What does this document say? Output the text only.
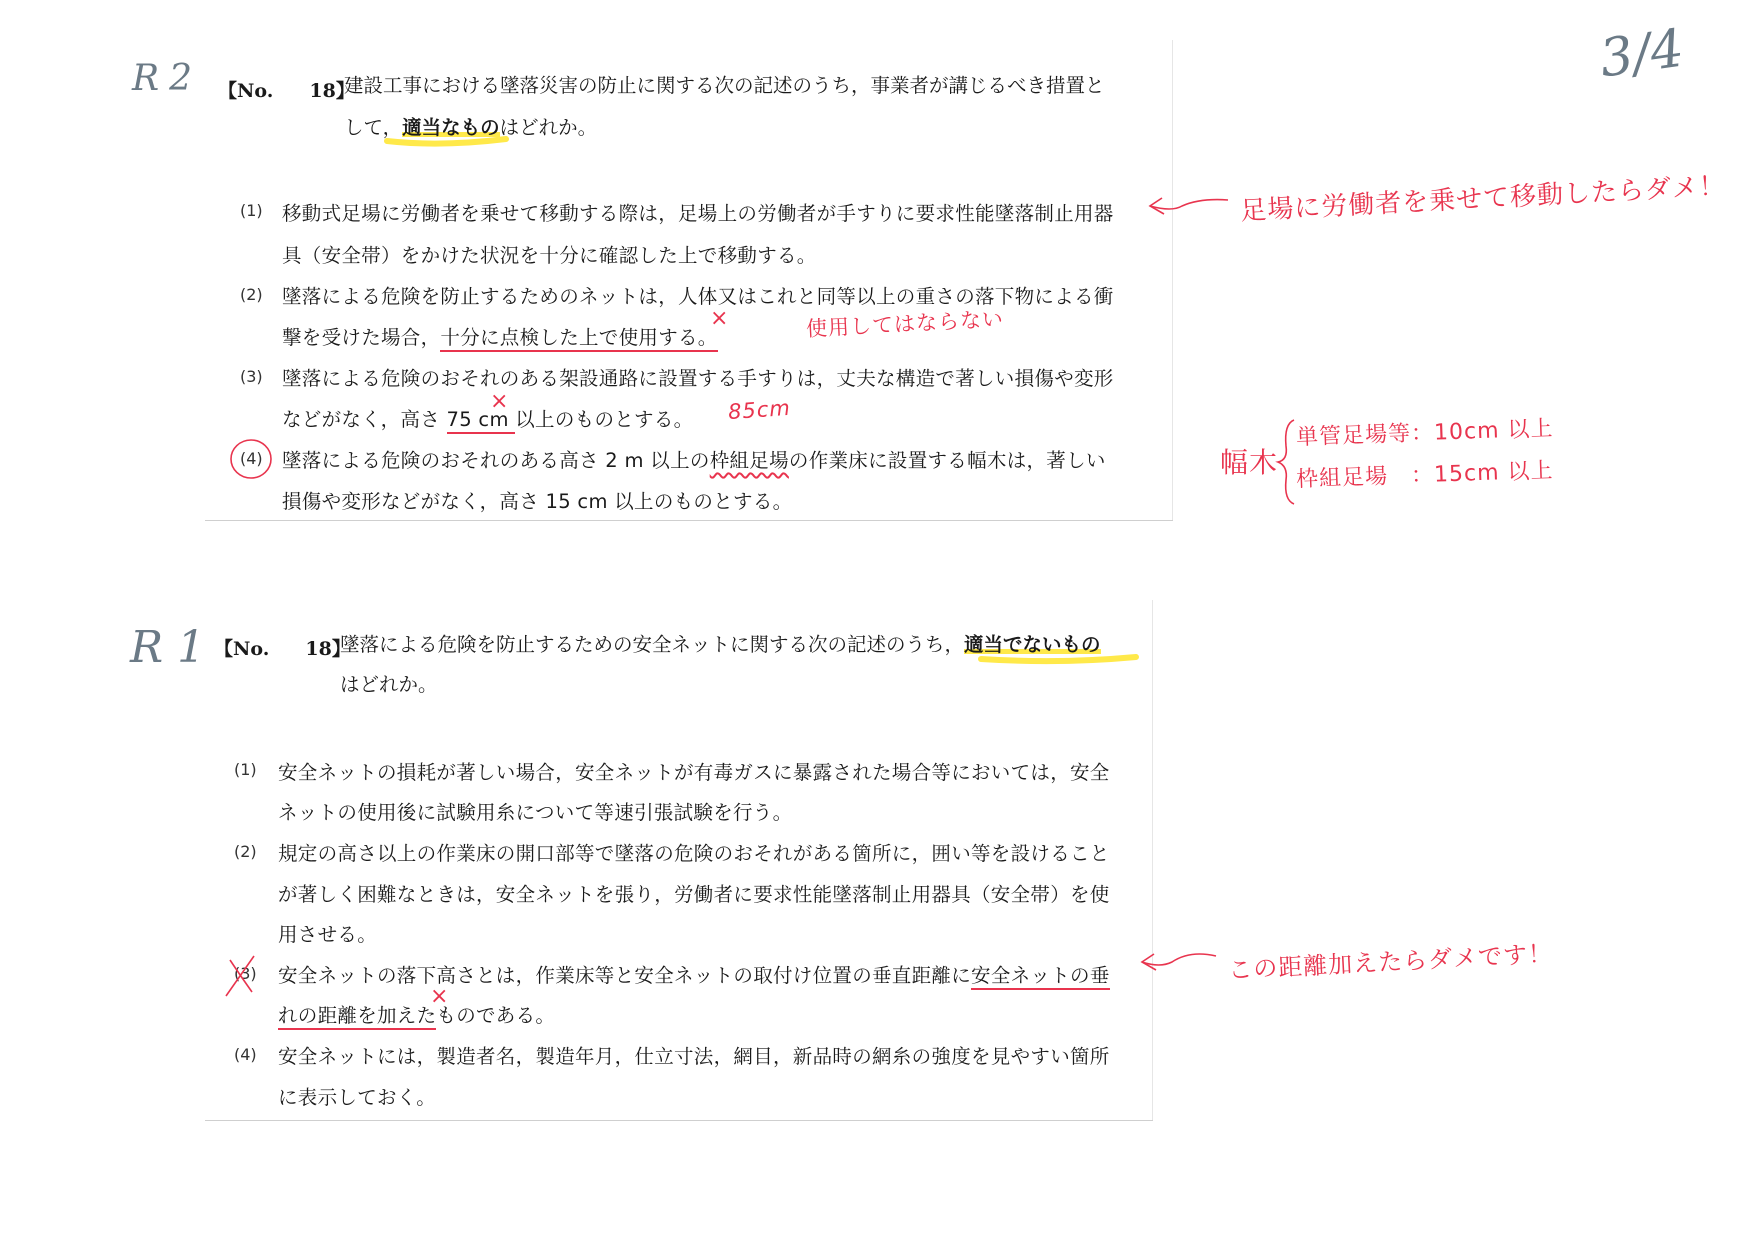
3/4
R2
R1
【No. 18】
建設工事における墜落災害の防止に関する次の記述のうち，事業者が講じるべき措置と
して，適当なものはどれか。
(1) 移動式足場に労働者を乗せて移動する際は，足場上の労働者が手すりに要求性能墜落制止用器
具（安全帯）をかけた状況を十分に確認した上で移動する。
(2) 墜落による危険を防止するためのネットは，人体又はこれと同等以上の重さの落下物による衝
撃を受けた場合，十分に点検した上で使用する。
(3) 墜落による危険のおそれのある架設通路に設置する手すりは，丈夫な構造で著しい損傷や変形
などがなく，高さ 75 cm 以上のものとする。
(4) 墜落による危険のおそれのある高さ 2 m 以上の枠組足場の作業床に設置する幅木は，著しい
損傷や変形などがなく，高さ 15 cm 以上のものとする。
【No. 18】
墜落による危険を防止するための安全ネットに関する次の記述のうち，適当でないもの
はどれか。
(1) 安全ネットの損耗が著しい場合，安全ネットが有毒ガスに暴露された場合等においては，安全
ネットの使用後に試験用糸について等速引張試験を行う。
(2) 規定の高さ以上の作業床の開口部等で墜落の危険のおそれがある箇所に，囲い等を設けること
が著しく困難なときは，安全ネットを張り，労働者に要求性能墜落制止用器具（安全帯）を使
用させる。
(3) 安全ネットの落下高さとは，作業床等と安全ネットの取付け位置の垂直距離に安全ネットの垂
れの距離を加えたものである。
(4) 安全ネットには，製造者名，製造年月，仕立寸法，網目，新品時の網糸の強度を見やすい箇所
に表示しておく。
足場に労働者を乗せて移動したらダメ！
使用してはならない
85cm
幅木
単管足場等：10cm 以上
枠組足場　：15cm 以上
この距離加えたらダメです！
×
×
×
